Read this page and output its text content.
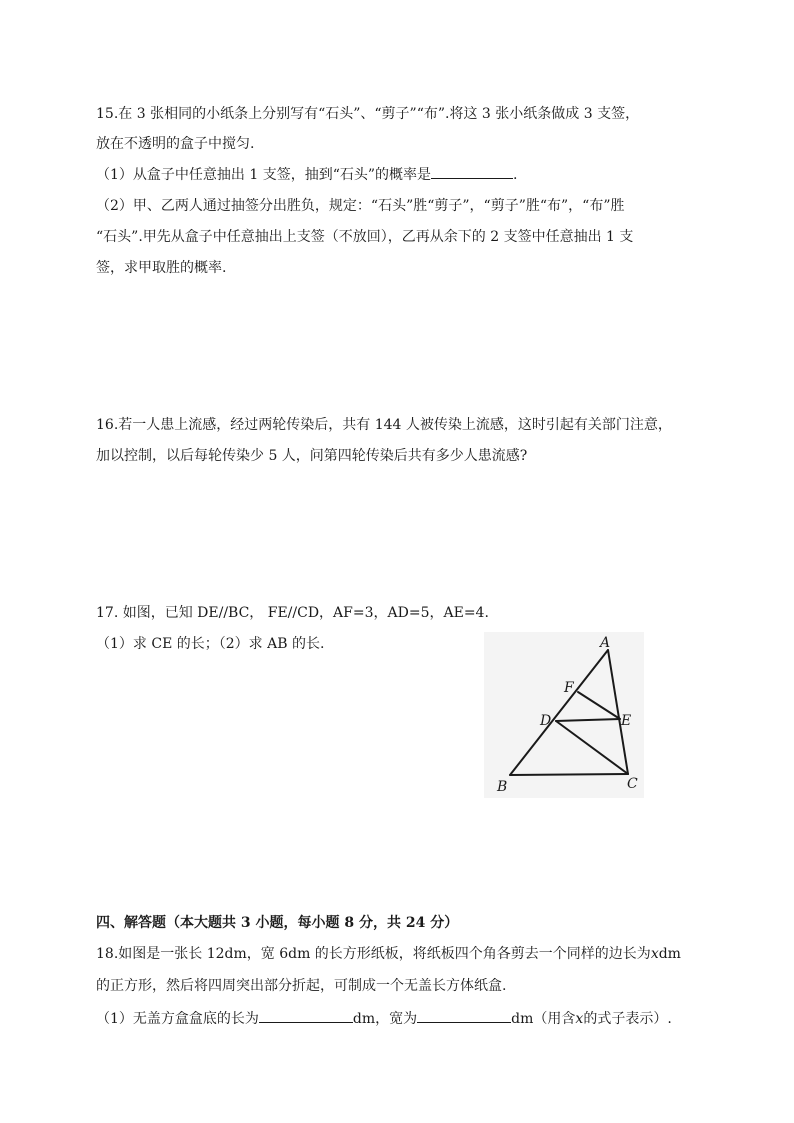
15.在 3 张相同的小纸条上分别写有“石头”、“剪子”“布”.将这 3 张小纸条做成 3 支签，
放在不透明的盒子中搅匀.
（1）从盒子中任意抽出 1 支签，抽到“石头”的概率是	.
（2）甲、乙两人通过抽签分出胜负，规定：“石头”胜“剪子”，“剪子”胜“布”，“布”胜
“石头”.甲先从盒子中任意抽出上支签（不放回），乙再从余下的 2 支签中任意抽出 1 支
签，求甲取胜的概率.
16.若一人患上流感，经过两轮传染后，共有 144 人被传染上流感，这时引起有关部门注意，
加以控制，以后每轮传染少 5 人，问第四轮传染后共有多少人患流感?
17. 如图，已知 DE//BC， FE//CD，AF=3，AD=5，AE=4.
（1）求 CE 的长；（2）求 AB 的长.	A
F
D	E
B	C
四、解答题（本大题共 3 小题，每小题 8 分，共 24 分）
18.如图是一张长 12dm，宽 6dm 的长方形纸板，将纸板四个角各剪去一个同样的边长为xdm
的正方形，然后将四周突出部分折起，可制成一个无盖长方体纸盒.
（1）无盖方盒盒底的长为	dm，宽为	dm（用含x的式子表示）.
